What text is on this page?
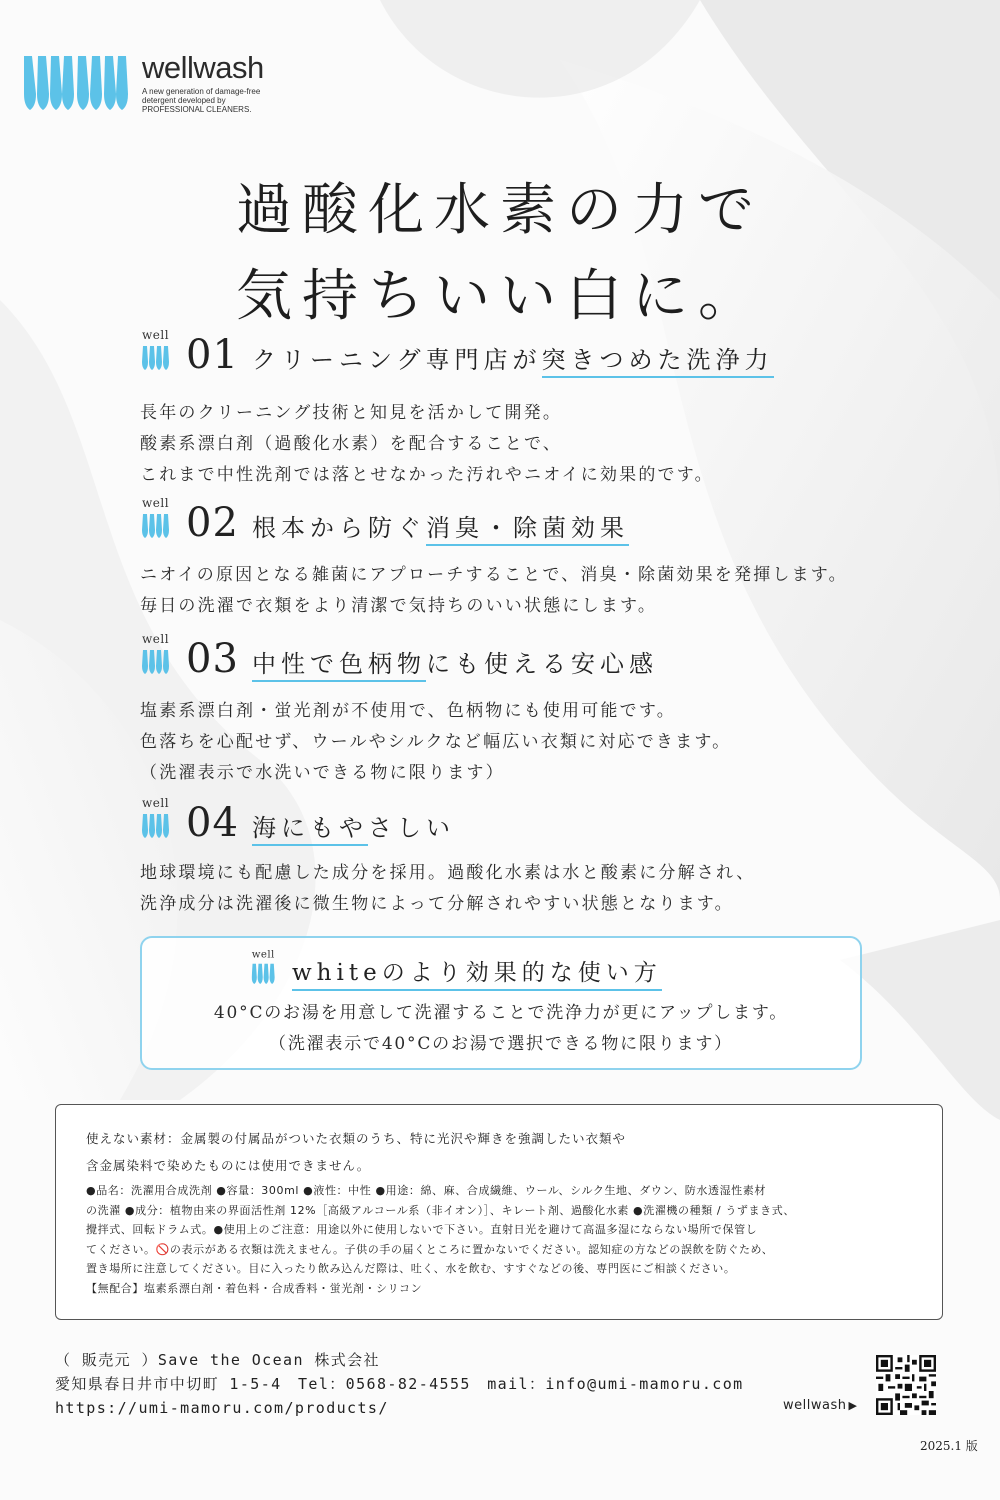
wellwash
A new generation of damage-free
detergent developed by
PROFESSIONAL CLEANERS.
過酸化水素の力で
気持ちいい白に。
well 01 クリーニング専門店が突きつめた洗浄力
長年のクリーニング技術と知見を活かして開発。
酸素系漂白剤（過酸化水素）を配合することで、
これまで中性洗剤では落とせなかった汚れやニオイに効果的です。
well 02 根本から防ぐ消臭・除菌効果
ニオイの原因となる雑菌にアプローチすることで、消臭・除菌効果を発揮します。
毎日の洗濯で衣類をより清潔で気持ちのいい状態にします。
well 03 中性で色柄物にも使える安心感
塩素系漂白剤・蛍光剤が不使用で、色柄物にも使用可能です。
色落ちを心配せず、ウールやシルクなど幅広い衣類に対応できます。
（洗濯表示で水洗いできる物に限ります）
well 04 海にもやさしい
地球環境にも配慮した成分を採用。過酸化水素は水と酸素に分解され、
洗浄成分は洗濯後に微生物によって分解されやすい状態となります。
well
whiteのより効果的な使い方
40°Cのお湯を用意して洗濯することで洗浄力が更にアップします。
（洗濯表示で40°Cのお湯で選択できる物に限ります）
使えない素材：金属製の付属品がついた衣類のうち、特に光沢や輝きを強調したい衣類や
含金属染料で染めたものには使用できません。
●品名：洗濯用合成洗剤 ●容量：300ml ●液性：中性 ●用途：綿、麻、合成繊維、ウール、シルク生地、ダウン、防水透湿性素材
の洗濯 ●成分：植物由来の界面活性剤 12%［高級アルコール系（非イオン）］、キレート剤、過酸化水素 ●洗濯機の種類 / うずまき式、
攪拌式、回転ドラム式。●使用上のご注意：用途以外に使用しないで下さい。直射日光を避けて高温多湿にならない場所で保管し
てください。🚫の表示がある衣類は洗えません。子供の手の届くところに置かないでください。認知症の方などの誤飲を防ぐため、
置き場所に注意してください。目に入ったり飲み込んだ際は、吐く、水を飲む、すすぐなどの後、専門医にご相談ください。
【無配合】塩素系漂白剤・着色料・合成香料・蛍光剤・シリコン
（ 販売元 ）Save the Ocean 株式会社
愛知県春日井市中切町 1-5-4　Tel：0568-82-4555　mail：info@umi-mamoru.com
https://umi-mamoru.com/products/	wellwash ▶
2025.1 版
